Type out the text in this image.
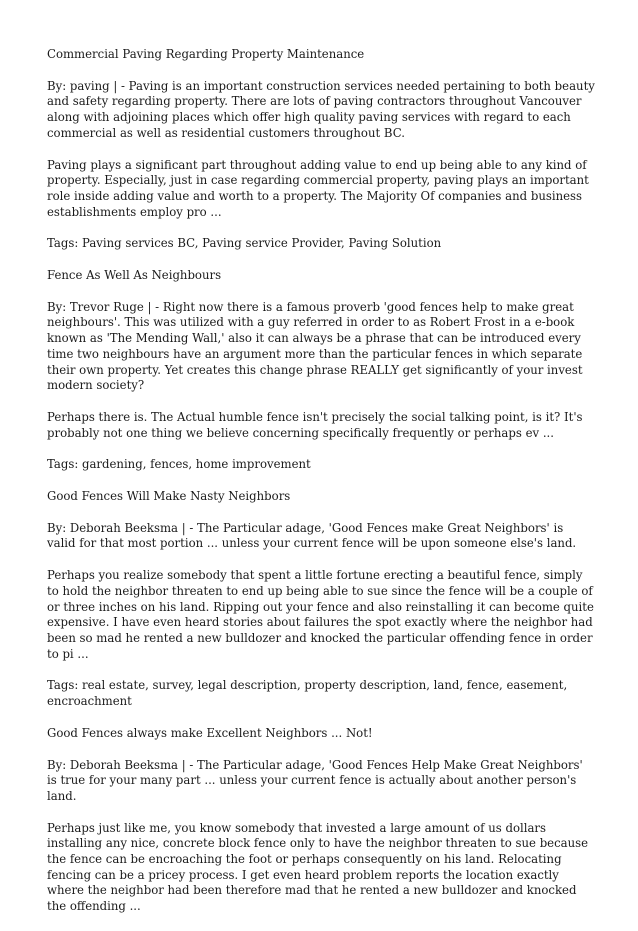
Commercial Paving Regarding Property Maintenance

By: paving | - Paving is an important construction services needed pertaining to both beauty and safety regarding property. There are lots of paving contractors throughout Vancouver along with adjoining places which offer high quality paving services with regard to each commercial as well as residential customers throughout BC.

Paving plays a significant part throughout adding value to end up being able to any kind of property. Especially, just in case regarding commercial property, paving plays an important role inside adding value and worth to a property. The Majority Of companies and business establishments employ pro ...

Tags: Paving services BC, Paving service Provider, Paving Solution

Fence As Well As Neighbours

By: Trevor Ruge | - Right now there is a famous proverb 'good fences help to make great neighbours'. This was utilized with a guy referred in order to as Robert Frost in a e-book known as 'The Mending Wall,' also it can always be a phrase that can be introduced every time two neighbours have an argument more than the particular fences in which separate their own property. Yet creates this change phrase REALLY get significantly of your invest modern society?

Perhaps there is. The Actual humble fence isn't precisely the social talking point, is it? It's probably not one thing we believe concerning specifically frequently or perhaps ev ...

Tags: gardening, fences, home improvement

Good Fences Will Make Nasty Neighbors

By: Deborah Beeksma | - The Particular adage, 'Good Fences make Great Neighbors' is valid for that most portion ... unless your current fence will be upon someone else's land.

Perhaps you realize somebody that spent a little fortune erecting a beautiful fence, simply to hold the neighbor threaten to end up being able to sue since the fence will be a couple of or three inches on his land. Ripping out your fence and also reinstalling it can become quite expensive. I have even heard stories about failures the spot exactly where the neighbor had been so mad he rented a new bulldozer and knocked the particular offending fence in order to pi ...

Tags: real estate, survey, legal description, property description, land, fence, easement, encroachment

Good Fences always make Excellent Neighbors ... Not!

By: Deborah Beeksma | - The Particular adage, 'Good Fences Help Make Great Neighbors' is true for your many part ... unless your current fence is actually about another person's land.

Perhaps just like me, you know somebody that invested a large amount of us dollars installing any nice, concrete block fence only to have the neighbor threaten to sue because the fence can be encroaching the foot or perhaps consequently on his land. Relocating fencing can be a pricey process. I get even heard problem reports the location exactly where the neighbor had been therefore mad that he rented a new bulldozer and knocked the offending ...
